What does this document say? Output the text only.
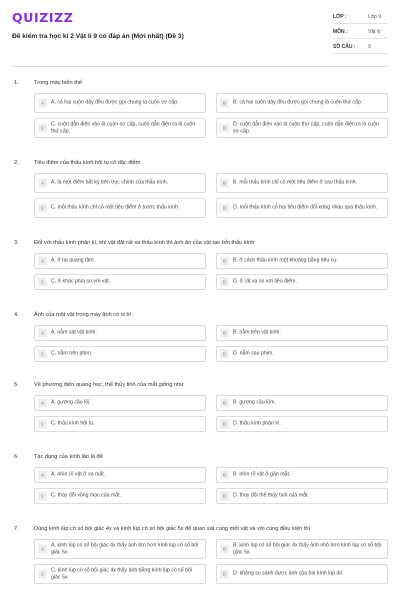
QUIZIZZ
Đề kiểm tra học kì 2 Vật lí 9 có đáp án (Mới nhất) (Đề 3)
LỚP :	Lớp 9
MÔN :	Vật lý
SỐ CÂU :	9
1.	Trong máy biến thế
A	A. cả hai cuộn dây đều được gọi chung là cuộn sơ cấp.	B	B. cả hai cuộn dây đều được gọi chung là cuộn thứ cấp.
C
C. cuộn dẫn điện vào là cuộn sơ cấp, cuộn dẫn điện ra là cuộn thứ cấp.	D
D. cuộn dẫn điện vào là cuộn thứ cấp, cuộn dẫn điện ra là cuộn sơ cấp.
2.	Tiêu điểm của thấu kính hội tụ có đặc điểm
A	A. là một điểm bất kỳ trên trục chính của thấu kính.	B	B. mỗi thấu kính chỉ có một tiêu điểm ở sau thấu kính.
C	C. mỗi thấu kính chỉ có một tiêu điểm ở trước thấu kính.	D	D. mỗi thấu kính có hai tiêu điểm đối xứng nhau qua thấu kính.
3.	Đối với thấu kính phân kì, khi vật đặt rất xa thấu kính thì ảnh ảo của vật tạo bởi thấu kính
A	A. ở tại quang tâm.	B	B. ở cách thấu kính một khoảng bằng tiêu cự.
C	C. ở khác phía so với vật.	D	D. ở rất xa so với tiêu điểm.
4.	Ảnh của một vật trong máy ảnh có vị trí
A	A. nằm sát vật kính.	B	B. nằm trên vật kính.
C	C. nằm trên phim.	D	D. nằm sau phim.
5.	Về phương diện quang học, thể thủy tinh của mắt giống như
A	A. gương cầu lồi.	B	B. gương cầu lõm.
C	C. thấu kính hội tụ.	D	D. thấu kính phân kì.
6.	Tác dụng của kính lão là để
A	A. nhìn rõ vật ở xa mắt.	B	B. nhìn rõ vật ở gần mắt.
C	C. thay đổi võng mạc của mắt.	D	D. thay đổi thể thủy tinh của mắt.
7.	Dùng kính lúp có số bội giác 4x và kính lúp có số bội giác 5x để quan sát cùng một vật và với cùng điều kiện thì
A
A. kính lúp có số bội giác 4x thấy ảnh lớn hơn kính lúp có số bội giác 5x.	B
B. kính lúp có số bội giác 4x thấy ảnh nhỏ hơn kính lúp có số bội giác 5x.
C
C. kính lúp có số bội giác 4x thấy ảnh bằng kính lúp có số bội giác 5x.	D	D. không so sánh được ảnh của hai kính lúp đó.
